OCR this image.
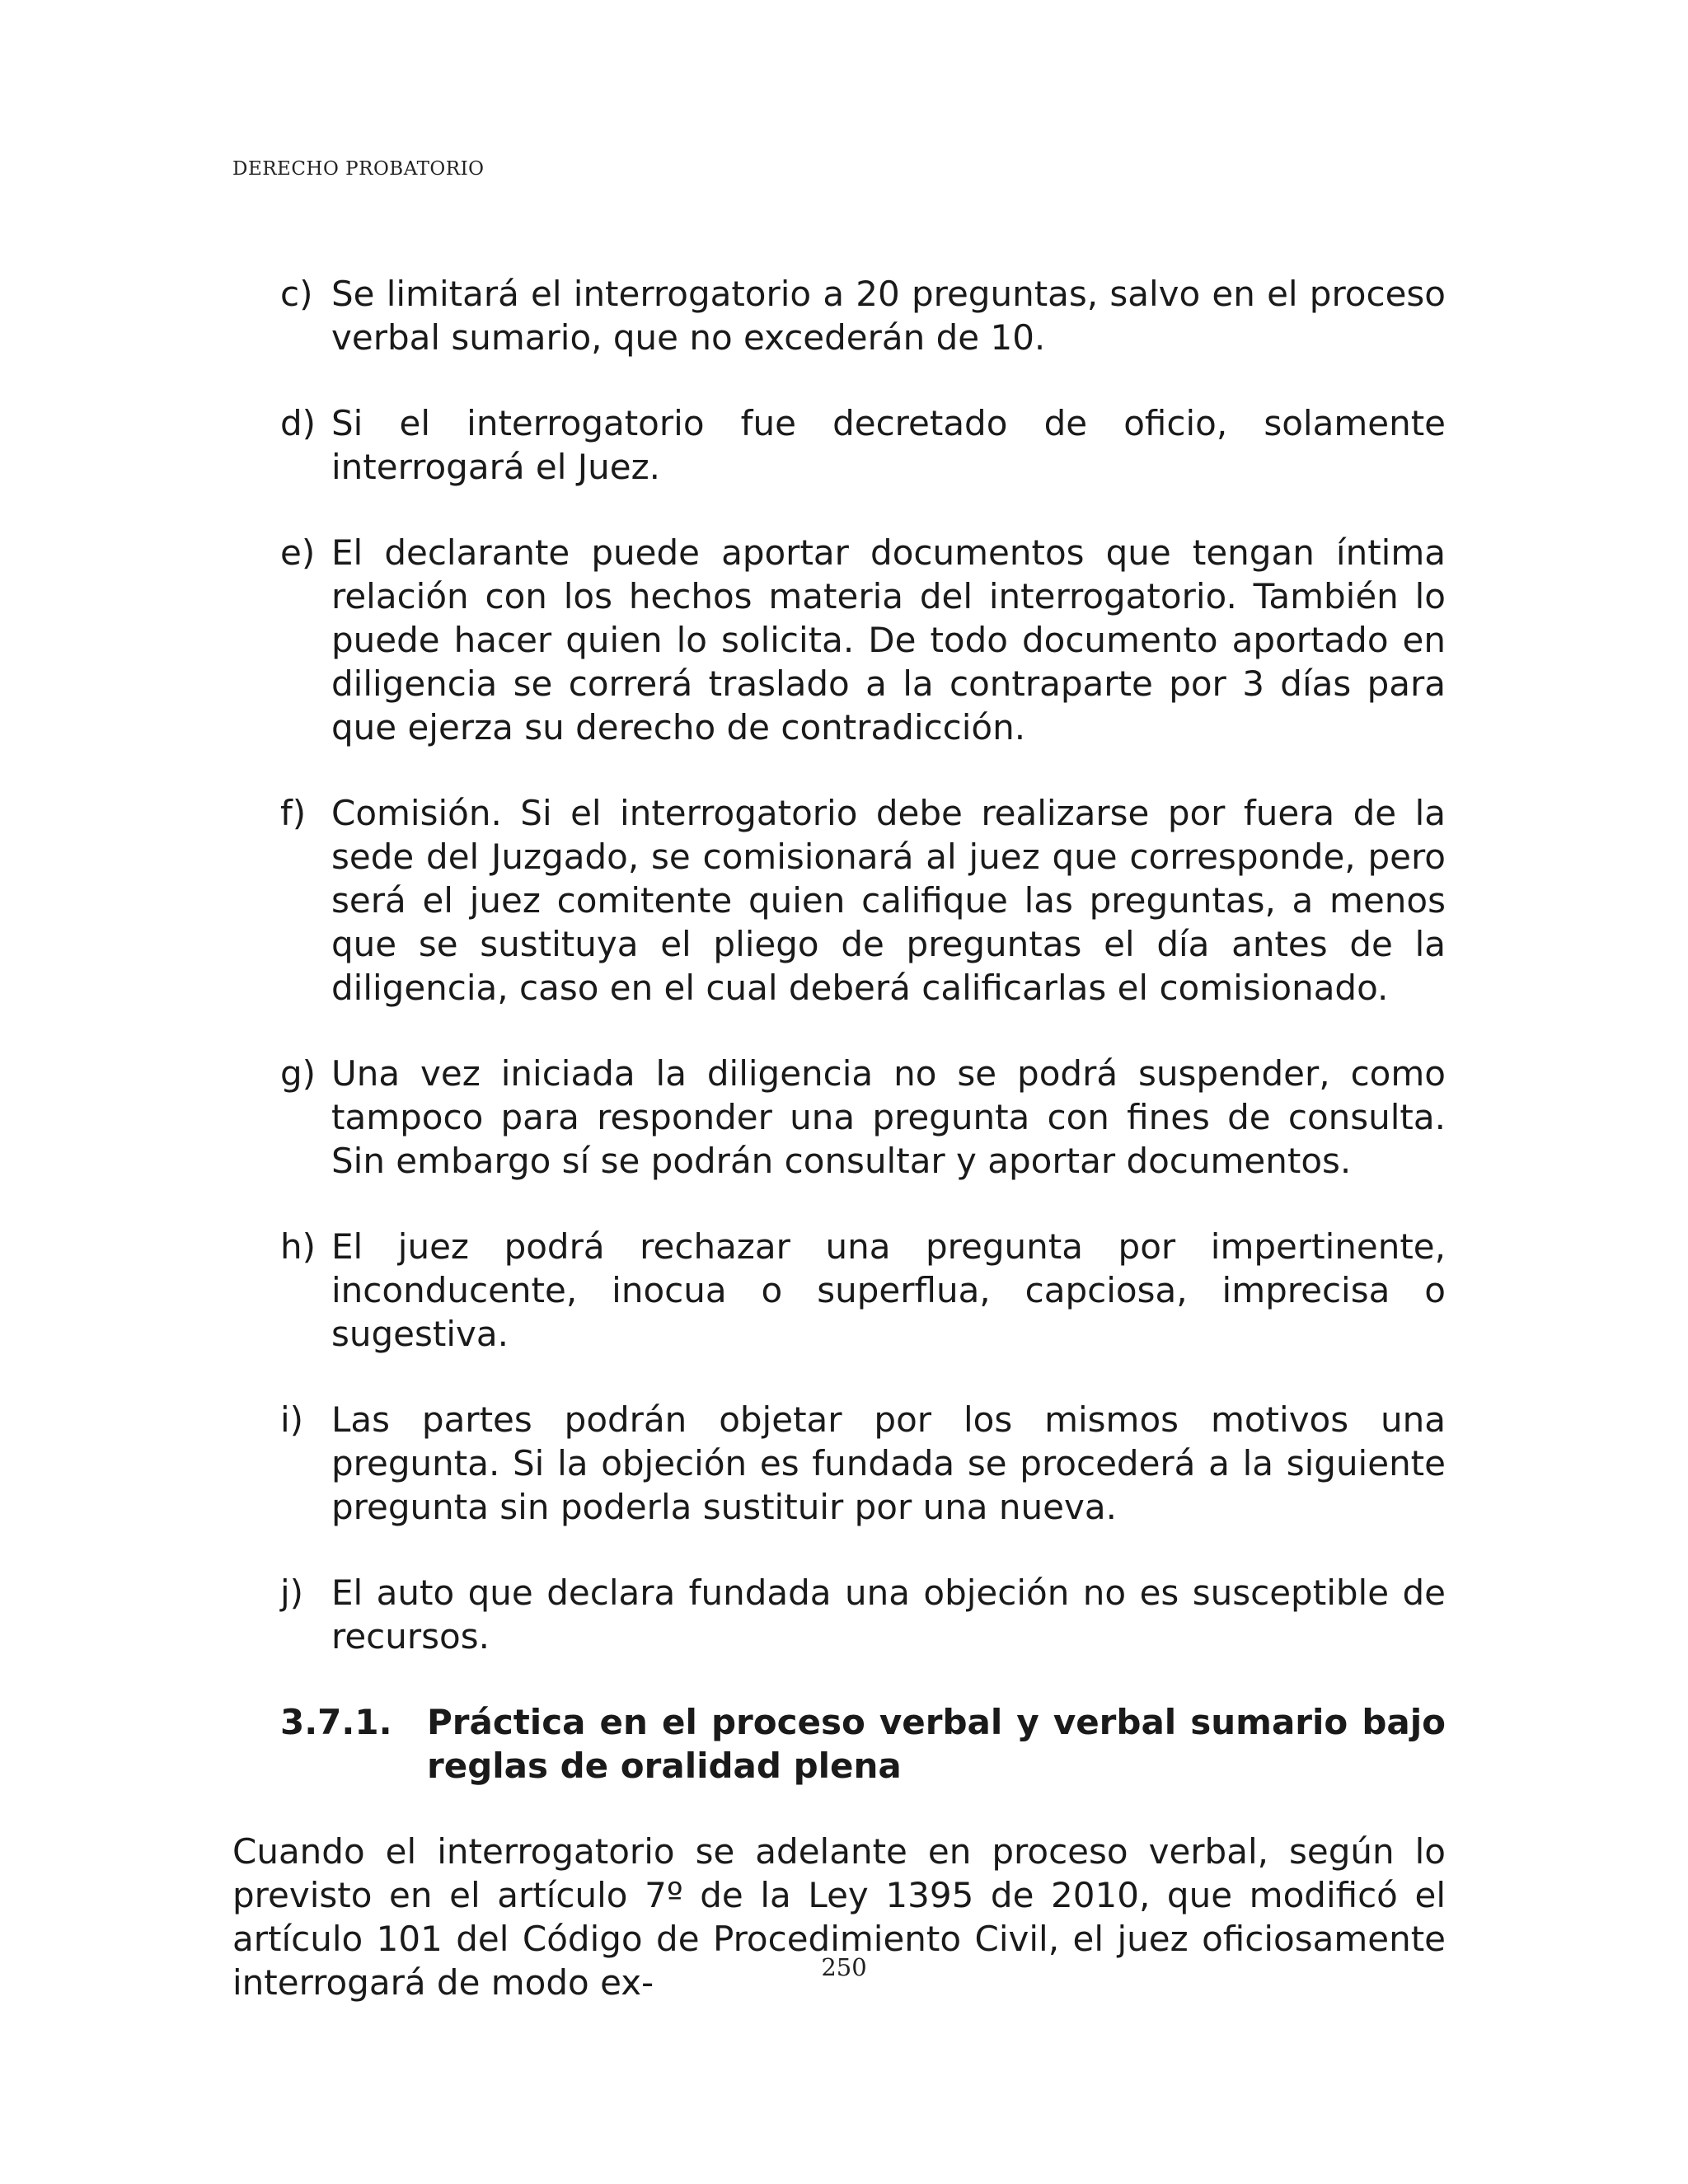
DERECHO PROBATORIO
c) Se limitará el interrogatorio a 20 preguntas, salvo en el proceso verbal sumario, que no excederán de 10.
d) Si el interrogatorio fue decretado de oficio, solamente interrogará el Juez.
e) El declarante puede aportar documentos que tengan íntima relación con los hechos materia del interrogatorio. También lo puede hacer quien lo solicita. De todo documento aportado en diligencia se correrá traslado a la contraparte por 3 días para que ejerza su derecho de contradicción.
f) Comisión. Si el interrogatorio debe realizarse por fuera de la sede del Juzgado, se comisionará al juez que corresponde, pero será el juez comitente quien califique las preguntas, a menos que se sustituya el pliego de preguntas el día antes de la diligencia, caso en el cual deberá calificarlas el comisionado.
g) Una vez iniciada la diligencia no se podrá suspender, como tampoco para responder una pregunta con fines de consulta. Sin embargo sí se podrán consultar y aportar documentos.
h) El juez podrá rechazar una pregunta por impertinente, inconducente, inocua o superflua, capciosa, imprecisa o sugestiva.
i) Las partes podrán objetar por los mismos motivos una pregunta. Si la objeción es fundada se procederá a la siguiente pregunta sin poderla sustituir por una nueva.
j) El auto que declara fundada una objeción no es susceptible de recursos.
3.7.1.	Práctica en el proceso verbal y verbal sumario bajo reglas de oralidad plena

Cuando el interrogatorio se adelante en proceso verbal, según lo previsto en el artículo 7º de la Ley 1395 de 2010, que modificó el artículo 101 del Código de Procedimiento Civil, el juez oficiosamente interrogará de modo ex-	250
